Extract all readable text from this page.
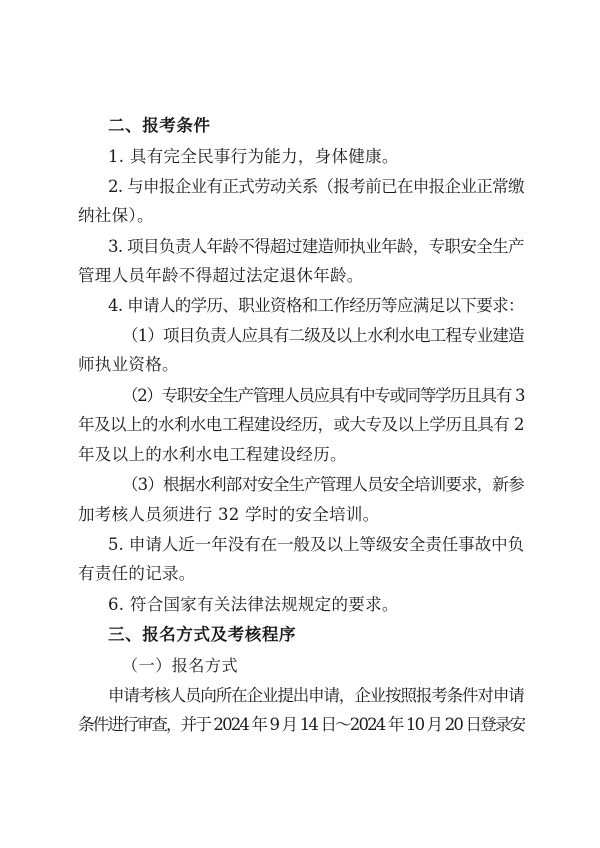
二、报考条件
1. 具有完全民事行为能力，身体健康。
2. 与申报企业有正式劳动关系（报考前已在申报企业正常缴
纳社保）。
3. 项目负责人年龄不得超过建造师执业年龄，专职安全生产
管理人员年龄不得超过法定退休年龄。
4. 申请人的学历、职业资格和工作经历等应满足以下要求：
（1）项目负责人应具有二级及以上水利水电工程专业建造
师执业资格。
（2）专职安全生产管理人员应具有中专或同等学历且具有 3
年及以上的水利水电工程建设经历，或大专及以上学历且具有 2
年及以上的水利水电工程建设经历。
（3）根据水利部对安全生产管理人员安全培训要求，新参
加考核人员须进行 32 学时的安全培训。
5. 申请人近一年没有在一般及以上等级安全责任事故中负
有责任的记录。
6. 符合国家有关法律法规规定的要求。
三、报名方式及考核程序
（一）报名方式
申请考核人员向所在企业提出申请，企业按照报考条件对申请
条件进行审查，并于 2024 年 9 月 14 日～2024 年 10 月 20 日登录安
